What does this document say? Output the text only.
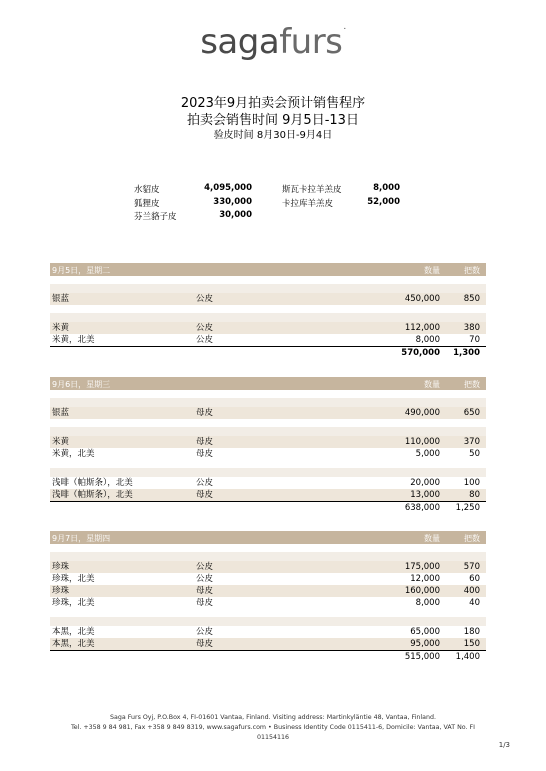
sagafurs.
2023年9月拍卖会预计销售程序
拍卖会销售时间 9月5日-13日
验皮时间 8月30日-9月4日
水貂皮	4,095,000	斯瓦卡拉羊羔皮	8,000
狐狸皮	330,000	卡拉库羊羔皮	52,000
芬兰貉子皮	30,000
9月5日，星期二	数量	把数
银蓝	公皮	450,000	850
米黄	公皮	112,000	380
米黄，北美	公皮	8,000	70
570,000 1,300
9月6日，星期三	数量	把数
银蓝	母皮	490,000	650
米黄	母皮	110,000	370
米黄，北美	母皮	5,000	50
浅啡（帕斯条），北美	公皮	20,000	100
浅啡（帕斯条），北美	母皮	13,000	80
638,000 1,250
9月7日，星期四	数量	把数
珍珠	公皮	175,000	570
珍珠，北美	公皮	12,000	60
珍珠	母皮	160,000	400
珍珠，北美	母皮	8,000	40
本黑，北美	公皮	65,000	180
本黑，北美	母皮	95,000	150
515,000 1,400
Saga Furs Oyj, P.O.Box 4, FI-01601 Vantaa, Finland. Visiting address: Martinkyläntie 48, Vantaa, Finland.
Tel. +358 9 84 981, Fax +358 9 849 8319, www.sagafurs.com • Business Identity Code 0115411-6, Domicile: Vantaa, VAT No. FI
01154116
1/3
